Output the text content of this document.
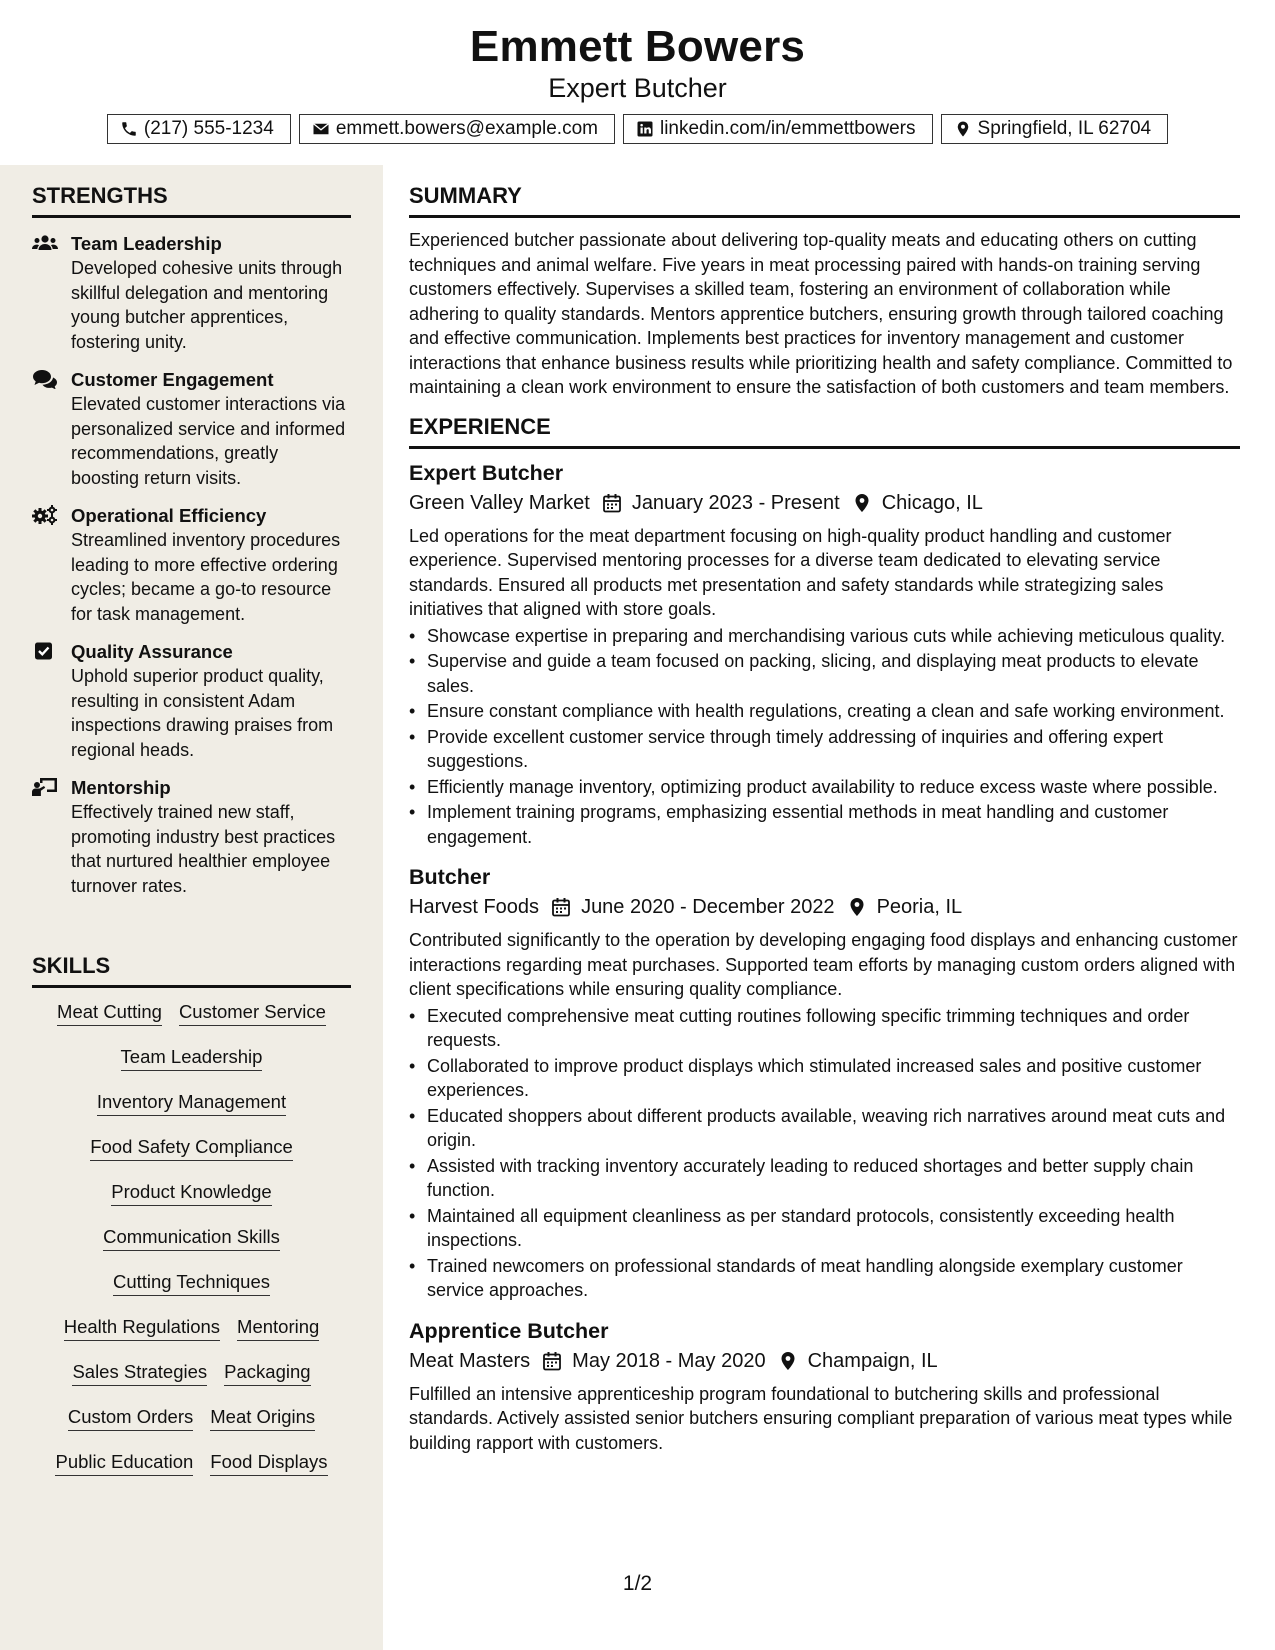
Emmett Bowers
Expert Butcher
(217) 555-1234	emmett.bowers@example.com	linkedin.com/in/emmettbowers	Springfield, IL 62704
STRENGTHS
Team Leadership
Developed cohesive units through skillful delegation and mentoring young butcher apprentices, fostering unity.
Customer Engagement
Elevated customer interactions via personalized service and informed recommendations, greatly boosting return visits.
Operational Efficiency
Streamlined inventory procedures leading to more effective ordering cycles; became a go-to resource for task management.
Quality Assurance
Uphold superior product quality, resulting in consistent Adam inspections drawing praises from regional heads.
Mentorship
Effectively trained new staff, promoting industry best practices that nurtured healthier employee turnover rates.
SKILLS
Meat Cutting Customer Service
Team Leadership
Inventory Management
Food Safety Compliance
Product Knowledge
Communication Skills
Cutting Techniques
Health Regulations Mentoring
Sales Strategies Packaging
Custom Orders Meat Origins
Public Education Food Displays
SUMMARY
Experienced butcher passionate about delivering top-quality meats and educating others on cutting techniques and animal welfare. Five years in meat processing paired with hands-on training serving customers effectively. Supervises a skilled team, fostering an environment of collaboration while adhering to quality standards. Mentors apprentice butchers, ensuring growth through tailored coaching and effective communication. Implements best practices for inventory management and customer interactions that enhance business results while prioritizing health and safety compliance. Committed to maintaining a clean work environment to ensure the satisfaction of both customers and team members.
EXPERIENCE
Expert Butcher
Green Valley Market January 2023 - Present Chicago, IL
Led operations for the meat department focusing on high-quality product handling and customer experience. Supervised mentoring processes for a diverse team dedicated to elevating service standards. Ensured all products met presentation and safety standards while strategizing sales initiatives that aligned with store goals.
• Showcase expertise in preparing and merchandising various cuts while achieving meticulous quality.
• Supervise and guide a team focused on packing, slicing, and displaying meat products to elevate sales.
• Ensure constant compliance with health regulations, creating a clean and safe working environment.
• Provide excellent customer service through timely addressing of inquiries and offering expert suggestions.
• Efficiently manage inventory, optimizing product availability to reduce excess waste where possible.
• Implement training programs, emphasizing essential methods in meat handling and customer engagement.
Butcher
Harvest Foods June 2020 - December 2022 Peoria, IL
Contributed significantly to the operation by developing engaging food displays and enhancing customer interactions regarding meat purchases. Supported team efforts by managing custom orders aligned with client specifications while ensuring quality compliance.
• Executed comprehensive meat cutting routines following specific trimming techniques and order requests.
• Collaborated to improve product displays which stimulated increased sales and positive customer experiences.
• Educated shoppers about different products available, weaving rich narratives around meat cuts and origin.
• Assisted with tracking inventory accurately leading to reduced shortages and better supply chain function.
• Maintained all equipment cleanliness as per standard protocols, consistently exceeding health inspections.
• Trained newcomers on professional standards of meat handling alongside exemplary customer service approaches.
Apprentice Butcher
Meat Masters May 2018 - May 2020 Champaign, IL
Fulfilled an intensive apprenticeship program foundational to butchering skills and professional standards. Actively assisted senior butchers ensuring compliant preparation of various meat types while building rapport with customers.
1/2
